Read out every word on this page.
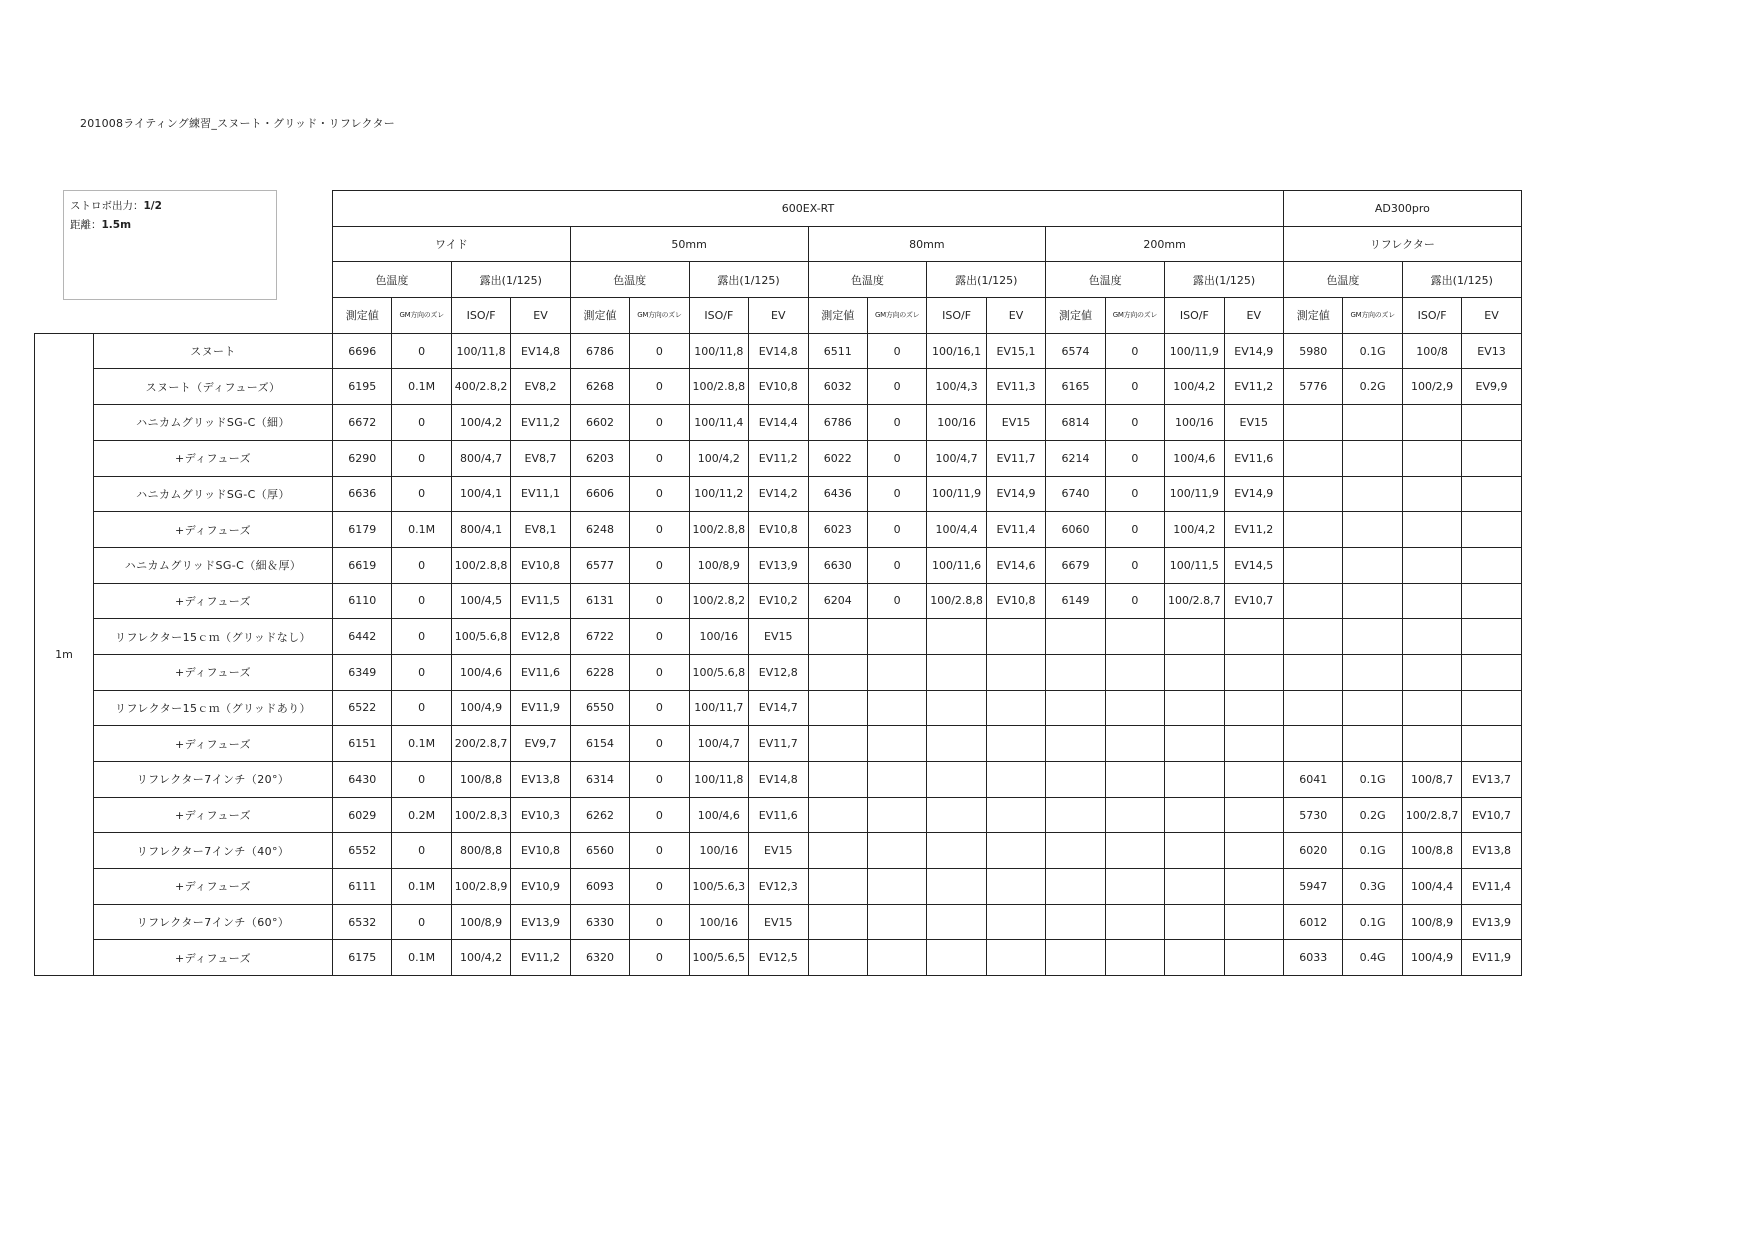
201008ライティング練習_スヌート・グリッド・リフレクター
ストロボ出力：1/2
距離：1.5m
		600EX-RT																AD300pro			
		ワイド				50mm				80mm				200mm				リフレクター			
		色温度		露出(1/125)		色温度		露出(1/125)		色温度		露出(1/125)		色温度		露出(1/125)		色温度		露出(1/125)	
		測定値	GM方向のズレ	ISO/F	EV	測定値	GM方向のズレ	ISO/F	EV	測定値	GM方向のズレ	ISO/F	EV	測定値	GM方向のズレ	ISO/F	EV	測定値	GM方向のズレ	ISO/F	EV
1m	スヌート	6696	0	100/11,8	EV14,8	6786	0	100/11,8	EV14,8	6511	0	100/16,1	EV15,1	6574	0	100/11,9	EV14,9	5980	0.1G	100/8	EV13
	スヌート（ディフューズ）	6195	0.1M	400/2.8,2	EV8,2	6268	0	100/2.8,8	EV10,8	6032	0	100/4,3	EV11,3	6165	0	100/4,2	EV11,2	5776	0.2G	100/2,9	EV9,9
	ハニカムグリッドSG-C（細）	6672	0	100/4,2	EV11,2	6602	0	100/11,4	EV14,4	6786	0	100/16	EV15	6814	0	100/16	EV15				
	+ディフューズ	6290	0	800/4,7	EV8,7	6203	0	100/4,2	EV11,2	6022	0	100/4,7	EV11,7	6214	0	100/4,6	EV11,6				
	ハニカムグリッドSG-C（厚）	6636	0	100/4,1	EV11,1	6606	0	100/11,2	EV14,2	6436	0	100/11,9	EV14,9	6740	0	100/11,9	EV14,9				
	+ディフューズ	6179	0.1M	800/4,1	EV8,1	6248	0	100/2.8,8	EV10,8	6023	0	100/4,4	EV11,4	6060	0	100/4,2	EV11,2				
	ハニカムグリッドSG-C（細＆厚）	6619	0	100/2.8,8	EV10,8	6577	0	100/8,9	EV13,9	6630	0	100/11,6	EV14,6	6679	0	100/11,5	EV14,5				
	+ディフューズ	6110	0	100/4,5	EV11,5	6131	0	100/2.8,2	EV10,2	6204	0	100/2.8,8	EV10,8	6149	0	100/2.8,7	EV10,7				
	リフレクター15ｃｍ（グリッドなし）	6442	0	100/5.6,8	EV12,8	6722	0	100/16	EV15												
	+ディフューズ	6349	0	100/4,6	EV11,6	6228	0	100/5.6,8	EV12,8												
	リフレクター15ｃｍ（グリッドあり）	6522	0	100/4,9	EV11,9	6550	0	100/11,7	EV14,7												
	+ディフューズ	6151	0.1M	200/2.8,7	EV9,7	6154	0	100/4,7	EV11,7												
	リフレクター7インチ（20°）	6430	0	100/8,8	EV13,8	6314	0	100/11,8	EV14,8									6041	0.1G	100/8,7	EV13,7
	+ディフューズ	6029	0.2M	100/2.8,3	EV10,3	6262	0	100/4,6	EV11,6									5730	0.2G	100/2.8,7	EV10,7
	リフレクター7インチ（40°）	6552	0	800/8,8	EV10,8	6560	0	100/16	EV15									6020	0.1G	100/8,8	EV13,8
	+ディフューズ	6111	0.1M	100/2.8,9	EV10,9	6093	0	100/5.6,3	EV12,3									5947	0.3G	100/4,4	EV11,4
	リフレクター7インチ（60°）	6532	0	100/8,9	EV13,9	6330	0	100/16	EV15									6012	0.1G	100/8,9	EV13,9
	+ディフューズ	6175	0.1M	100/4,2	EV11,2	6320	0	100/5.6,5	EV12,5									6033	0.4G	100/4,9	EV11,9
